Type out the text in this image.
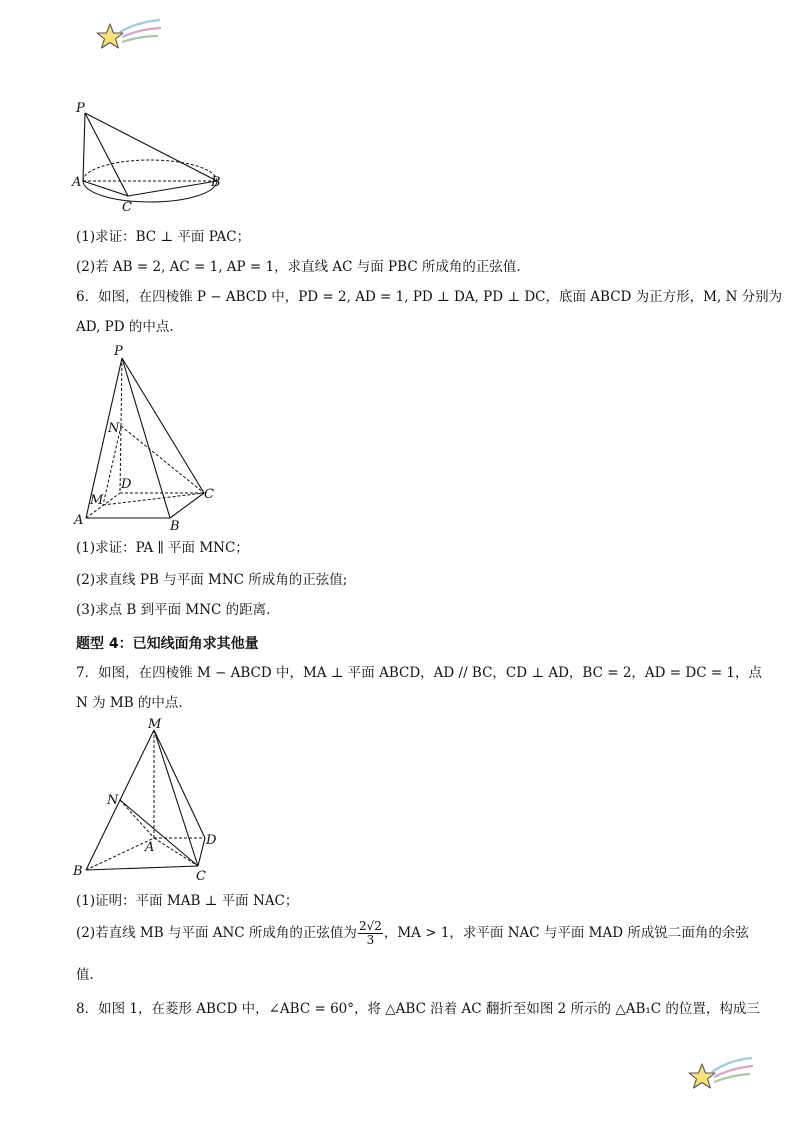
P
A	B
C
(1)求证：BC ⊥ 平面 PAC；
(2)若 AB = 2, AC = 1, AP = 1，求直线 AC 与面 PBC 所成角的正弦值.
6．如图，在四棱锥 P − ABCD 中，PD = 2, AD = 1, PD ⊥ DA, PD ⊥ DC，底面 ABCD 为正方形，M, N 分别为
AD, PD 的中点.
P
N
D
C
M
A	B
(1)求证：PA ∥ 平面 MNC；
(2)求直线 PB 与平面 MNC 所成角的正弦值;
(3)求点 B 到平面 MNC 的距离.
题型 4：已知线面角求其他量
7．如图，在四棱锥 M − ABCD 中，MA ⊥ 平面 ABCD，AD // BC，CD ⊥ AD，BC = 2，AD = DC = 1，点
N 为 MB 的中点.
M
N
D
A
B	C
(1)证明：平面 MAB ⊥ 平面 NAC；
(2)若直线 MB 与平面 ANC 所成角的正弦值为 $\frac{2√2}{3}$ ，MA > 1，求平面 NAC 与平面 MAD 所成锐二面角的余弦
值.
8．如图 1，在菱形 ABCD 中，∠ABC = 60°，将 △ABC 沿着 AC 翻折至如图 2 所示的 △AB₁C 的位置，构成三
